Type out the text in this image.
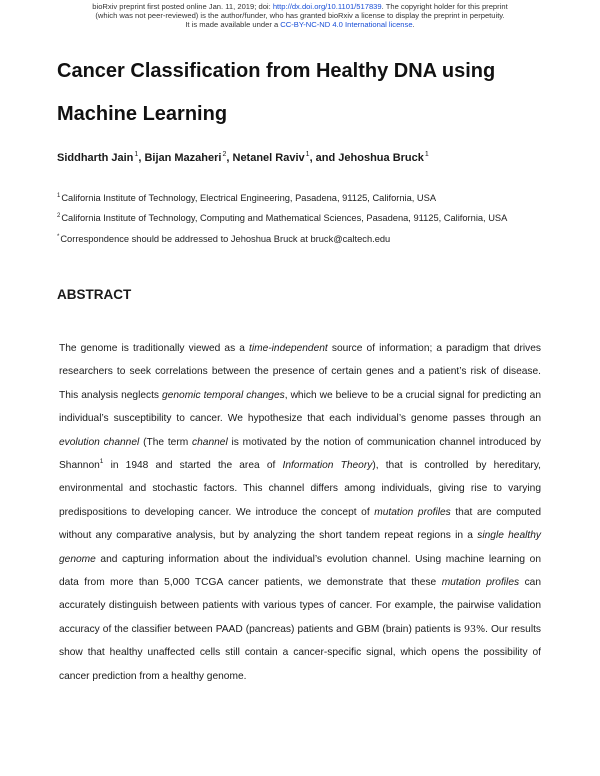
bioRxiv preprint first posted online Jan. 11, 2019; doi: http://dx.doi.org/10.1101/517839. The copyright holder for this preprint
(which was not peer-reviewed) is the author/funder, who has granted bioRxiv a license to display the preprint in perpetuity.
It is made available under a CC-BY-NC-ND 4.0 International license.
Cancer Classification from Healthy DNA using
Machine Learning
Siddharth Jain$^1$, Bijan Mazaheri$^2$, Netanel Raviv$^1$, and Jehoshua Bruck$^1$
$^1$California Institute of Technology, Electrical Engineering, Pasadena, 91125, California, USA
$^2$California Institute of Technology, Computing and Mathematical Sciences, Pasadena, 91125, California, USA
*Correspondence should be addressed to Jehoshua Bruck at bruck@caltech.edu
ABSTRACT

The genome is traditionally viewed as a time-independent source of information; a paradigm that drives researchers to seek correlations between the presence of certain genes and a patient’s risk of disease. This analysis neglects genomic temporal changes, which we believe to be a crucial signal for predicting an individual’s susceptibility to cancer. We hypothesize that each individual’s genome passes through an evolution channel (The term channel is motivated by the notion of communication channel introduced by Shannon$^1$ in 1948 and started the area of Information Theory), that is controlled by hereditary, environmental and stochastic factors. This channel differs among individuals, giving rise to varying predispositions to developing cancer. We introduce the concept of mutation profiles that are computed without any comparative analysis, but by analyzing the short tandem repeat regions in a single healthy genome and capturing information about the individual’s evolution channel. Using machine learning on data from more than 5,000 TCGA cancer patients, we demonstrate that these mutation profiles can accurately distinguish between patients with various types of cancer. For example, the pairwise validation accuracy of the classifier between PAAD (pancreas) patients and GBM (brain) patients is 93%. Our results show that healthy unaffected cells still contain a cancer-specific signal, which opens the possibility of cancer prediction from a healthy genome.
